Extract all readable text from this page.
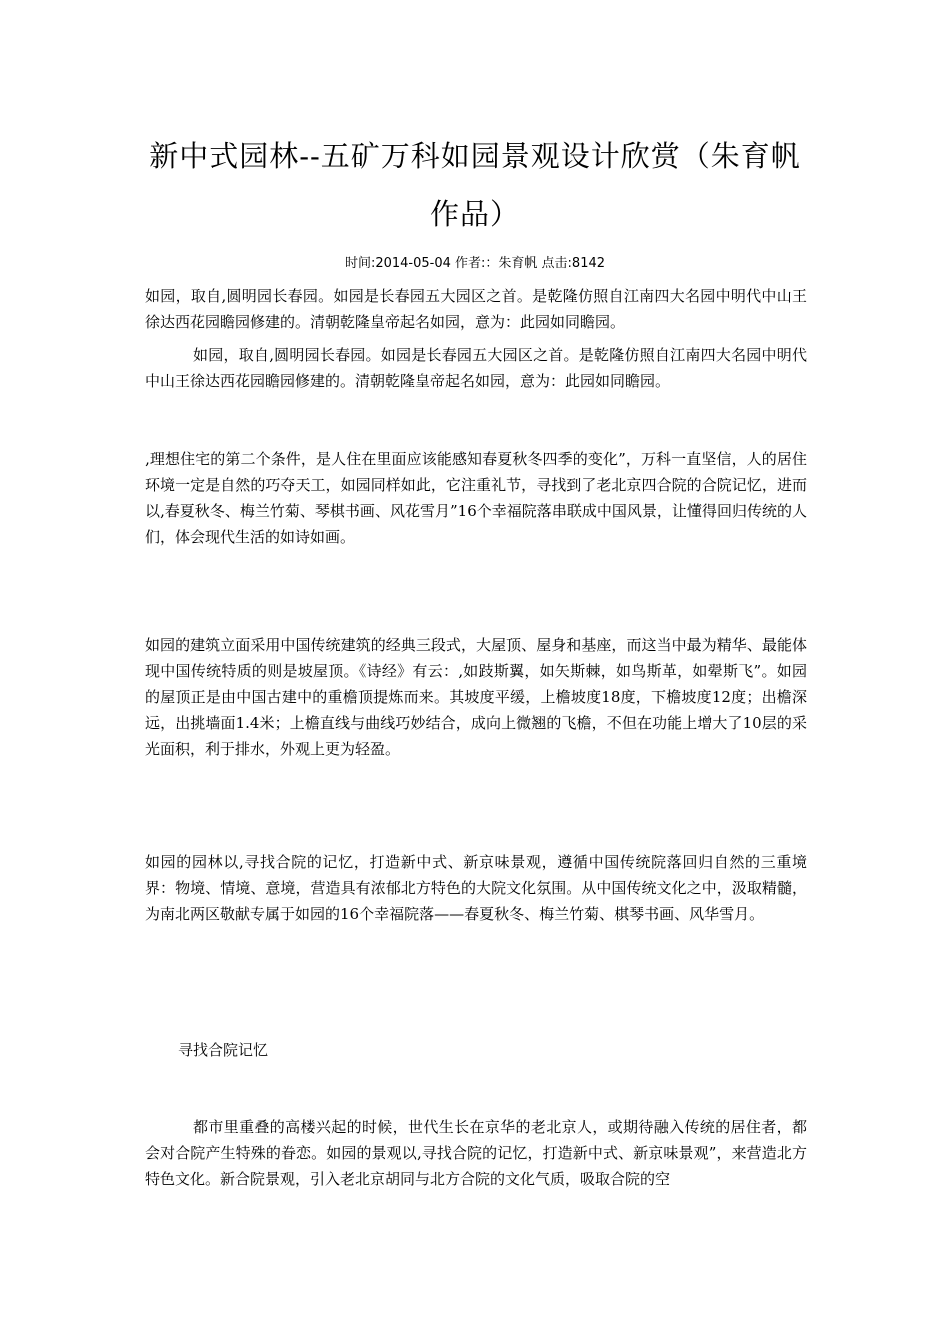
新中式园林--五矿万科如园景观设计欣赏（朱育帆作品）
时间:2014-05-04 作者:：朱育帆 点击:8142

如园，取自‚圆明园长春园。如园是长春园五大园区之首。是乾隆仿照自江南四大名园中明代中山王徐达西花园瞻园修建的。清朝乾隆皇帝起名如园，意为：此园如同瞻园。

如园，取自‚圆明园长春园。如园是长春园五大园区之首。是乾隆仿照自江南四大名园中明代中山王徐达西花园瞻园修建的。清朝乾隆皇帝起名如园，意为：此园如同瞻园。

‚理想住宅的第二个条件，是人住在里面应该能感知春夏秋冬四季的变化”，万科一直坚信，人的居住环境一定是自然的巧夺天工，如园同样如此，它注重礼节，寻找到了老北京四合院的合院记忆，进而以‚春夏秋冬、梅兰竹菊、琴棋书画、风花雪月”16个幸福院落串联成中国风景，让懂得回归传统的人们，体会现代生活的如诗如画。

如园的建筑立面采用中国传统建筑的经典三段式，大屋顶、屋身和基座，而这当中最为精华、最能体现中国传统特质的则是坡屋顶。《诗经》有云：‚如跂斯翼，如矢斯棘，如鸟斯革，如翚斯飞”。如园的屋顶正是由中国古建中的重檐顶提炼而来。其坡度平缓，上檐坡度18度，下檐坡度12度；出檐深远，出挑墙面1.4米；上檐直线与曲线巧妙结合，成向上微翘的飞檐，不但在功能上增大了10层的采光面积，利于排水，外观上更为轻盈。

如园的园林以‚寻找合院的记忆，打造新中式、新京味景观，遵循中国传统院落回归自然的三重境界：物境、情境、意境，营造具有浓郁北方特色的大院文化氛围。从中国传统文化之中，汲取精髓，为南北两区敬献专属于如园的16个幸福院落——春夏秋冬、梅兰竹菊、棋琴书画、风华雪月。

寻找合院记忆

都市里重叠的高楼兴起的时候，世代生长在京华的老北京人，或期待融入传统的居住者，都会对合院产生特殊的眷恋。如园的景观以‚寻找合院的记忆，打造新中式、新京味景观”，来营造北方特色文化。新合院景观，引入老北京胡同与北方合院的文化气质，吸取合院的空
